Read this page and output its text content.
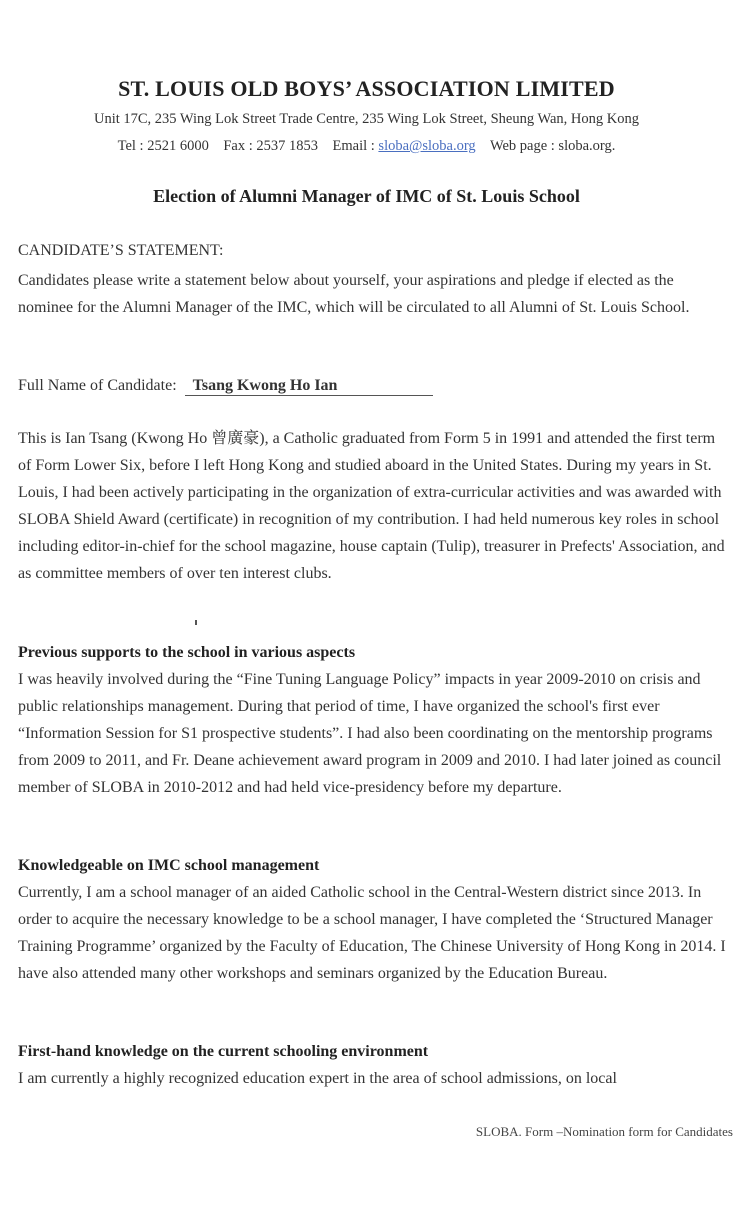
ST. LOUIS OLD BOYS’ ASSOCIATION LIMITED
Unit 17C, 235 Wing Lok Street Trade Centre, 235 Wing Lok Street, Sheung Wan, Hong Kong
Tel : 2521 6000 Fax : 2537 1853 Email : sloba@sloba.org Web page : sloba.org.
Election of Alumni Manager of IMC of St. Louis School
CANDIDATE’S STATEMENT:
Candidates please write a statement below about yourself, your aspirations and pledge if elected as the nominee for the Alumni Manager of the IMC, which will be circulated to all Alumni of St. Louis School.
Full Name of Candidate: Tsang Kwong Ho Ian
This is Ian Tsang (Kwong Ho 曾廣豪), a Catholic graduated from Form 5 in 1991 and attended the first term of Form Lower Six, before I left Hong Kong and studied aboard in the United States. During my years in St. Louis, I had been actively participating in the organization of extra-curricular activities and was awarded with SLOBA Shield Award (certificate) in recognition of my contribution. I had held numerous key roles in school including editor-in-chief for the school magazine, house captain (Tulip), treasurer in Prefects' Association, and as committee members of over ten interest clubs.
Previous supports to the school in various aspects
I was heavily involved during the “Fine Tuning Language Policy” impacts in year 2009-2010 on crisis and public relationships management. During that period of time, I have organized the school's first ever “Information Session for S1 prospective students”. I had also been coordinating on the mentorship programs from 2009 to 2011, and Fr. Deane achievement award program in 2009 and 2010. I had later joined as council member of SLOBA in 2010-2012 and had held vice-presidency before my departure.
Knowledgeable on IMC school management
Currently, I am a school manager of an aided Catholic school in the Central-Western district since 2013. In order to acquire the necessary knowledge to be a school manager, I have completed the ‘Structured Manager Training Programme’ organized by the Faculty of Education, The Chinese University of Hong Kong in 2014. I have also attended many other workshops and seminars organized by the Education Bureau.
First-hand knowledge on the current schooling environment
I am currently a highly recognized education expert in the area of school admissions, on local
SLOBA. Form –Nomination form for Candidates
